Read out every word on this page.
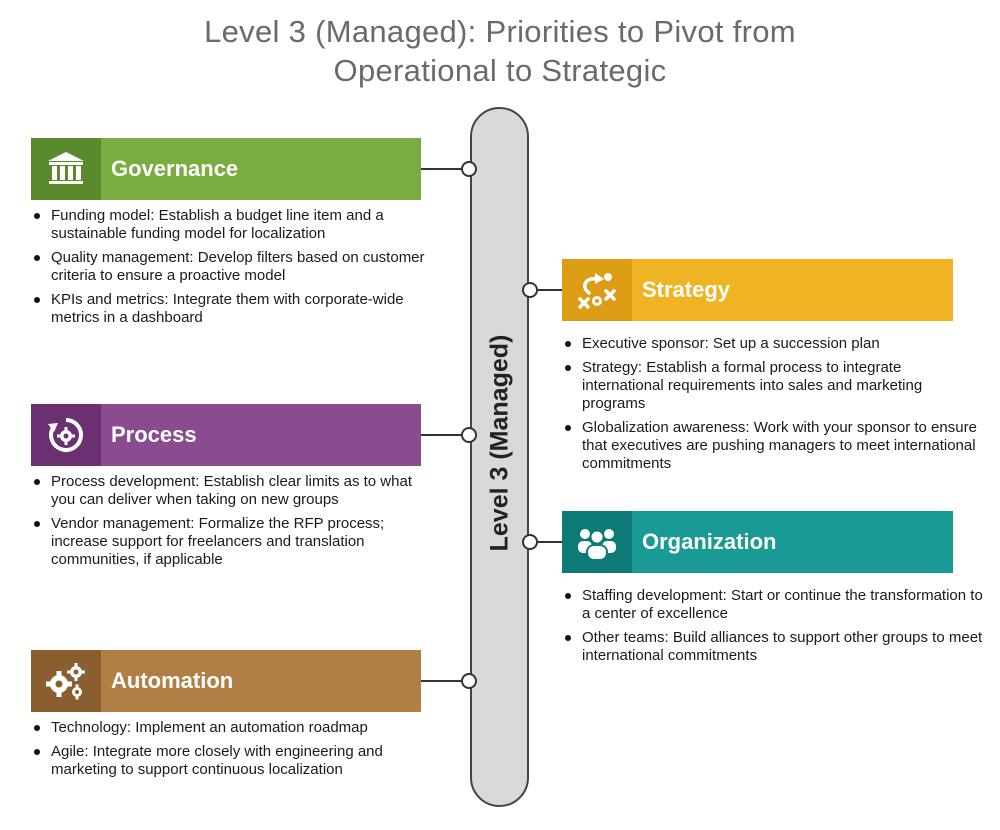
Level 3 (Managed): Priorities to Pivot from
Operational to Strategic
Level 3 (Managed)
Governance
Funding model: Establish a budget line item and a sustainable funding model for localization
Quality management: Develop filters based on customer criteria to ensure a proactive model
KPIs and metrics: Integrate them with corporate-wide metrics in a dashboard
Process
Process development: Establish clear limits as to what you can deliver when taking on new groups
Vendor management: Formalize the RFP process; increase support for freelancers and translation communities, if applicable
Automation
Technology: Implement an automation roadmap
Agile: Integrate more closely with engineering and marketing to support continuous localization
Strategy
Executive sponsor: Set up a succession plan
Strategy: Establish a formal process to integrate international requirements into sales and marketing programs
Globalization awareness: Work with your sponsor to ensure that executives are pushing managers to meet international commitments
Organization
Staffing development: Start or continue the transformation to a center of excellence
Other teams: Build alliances to support other groups to meet international commitments
